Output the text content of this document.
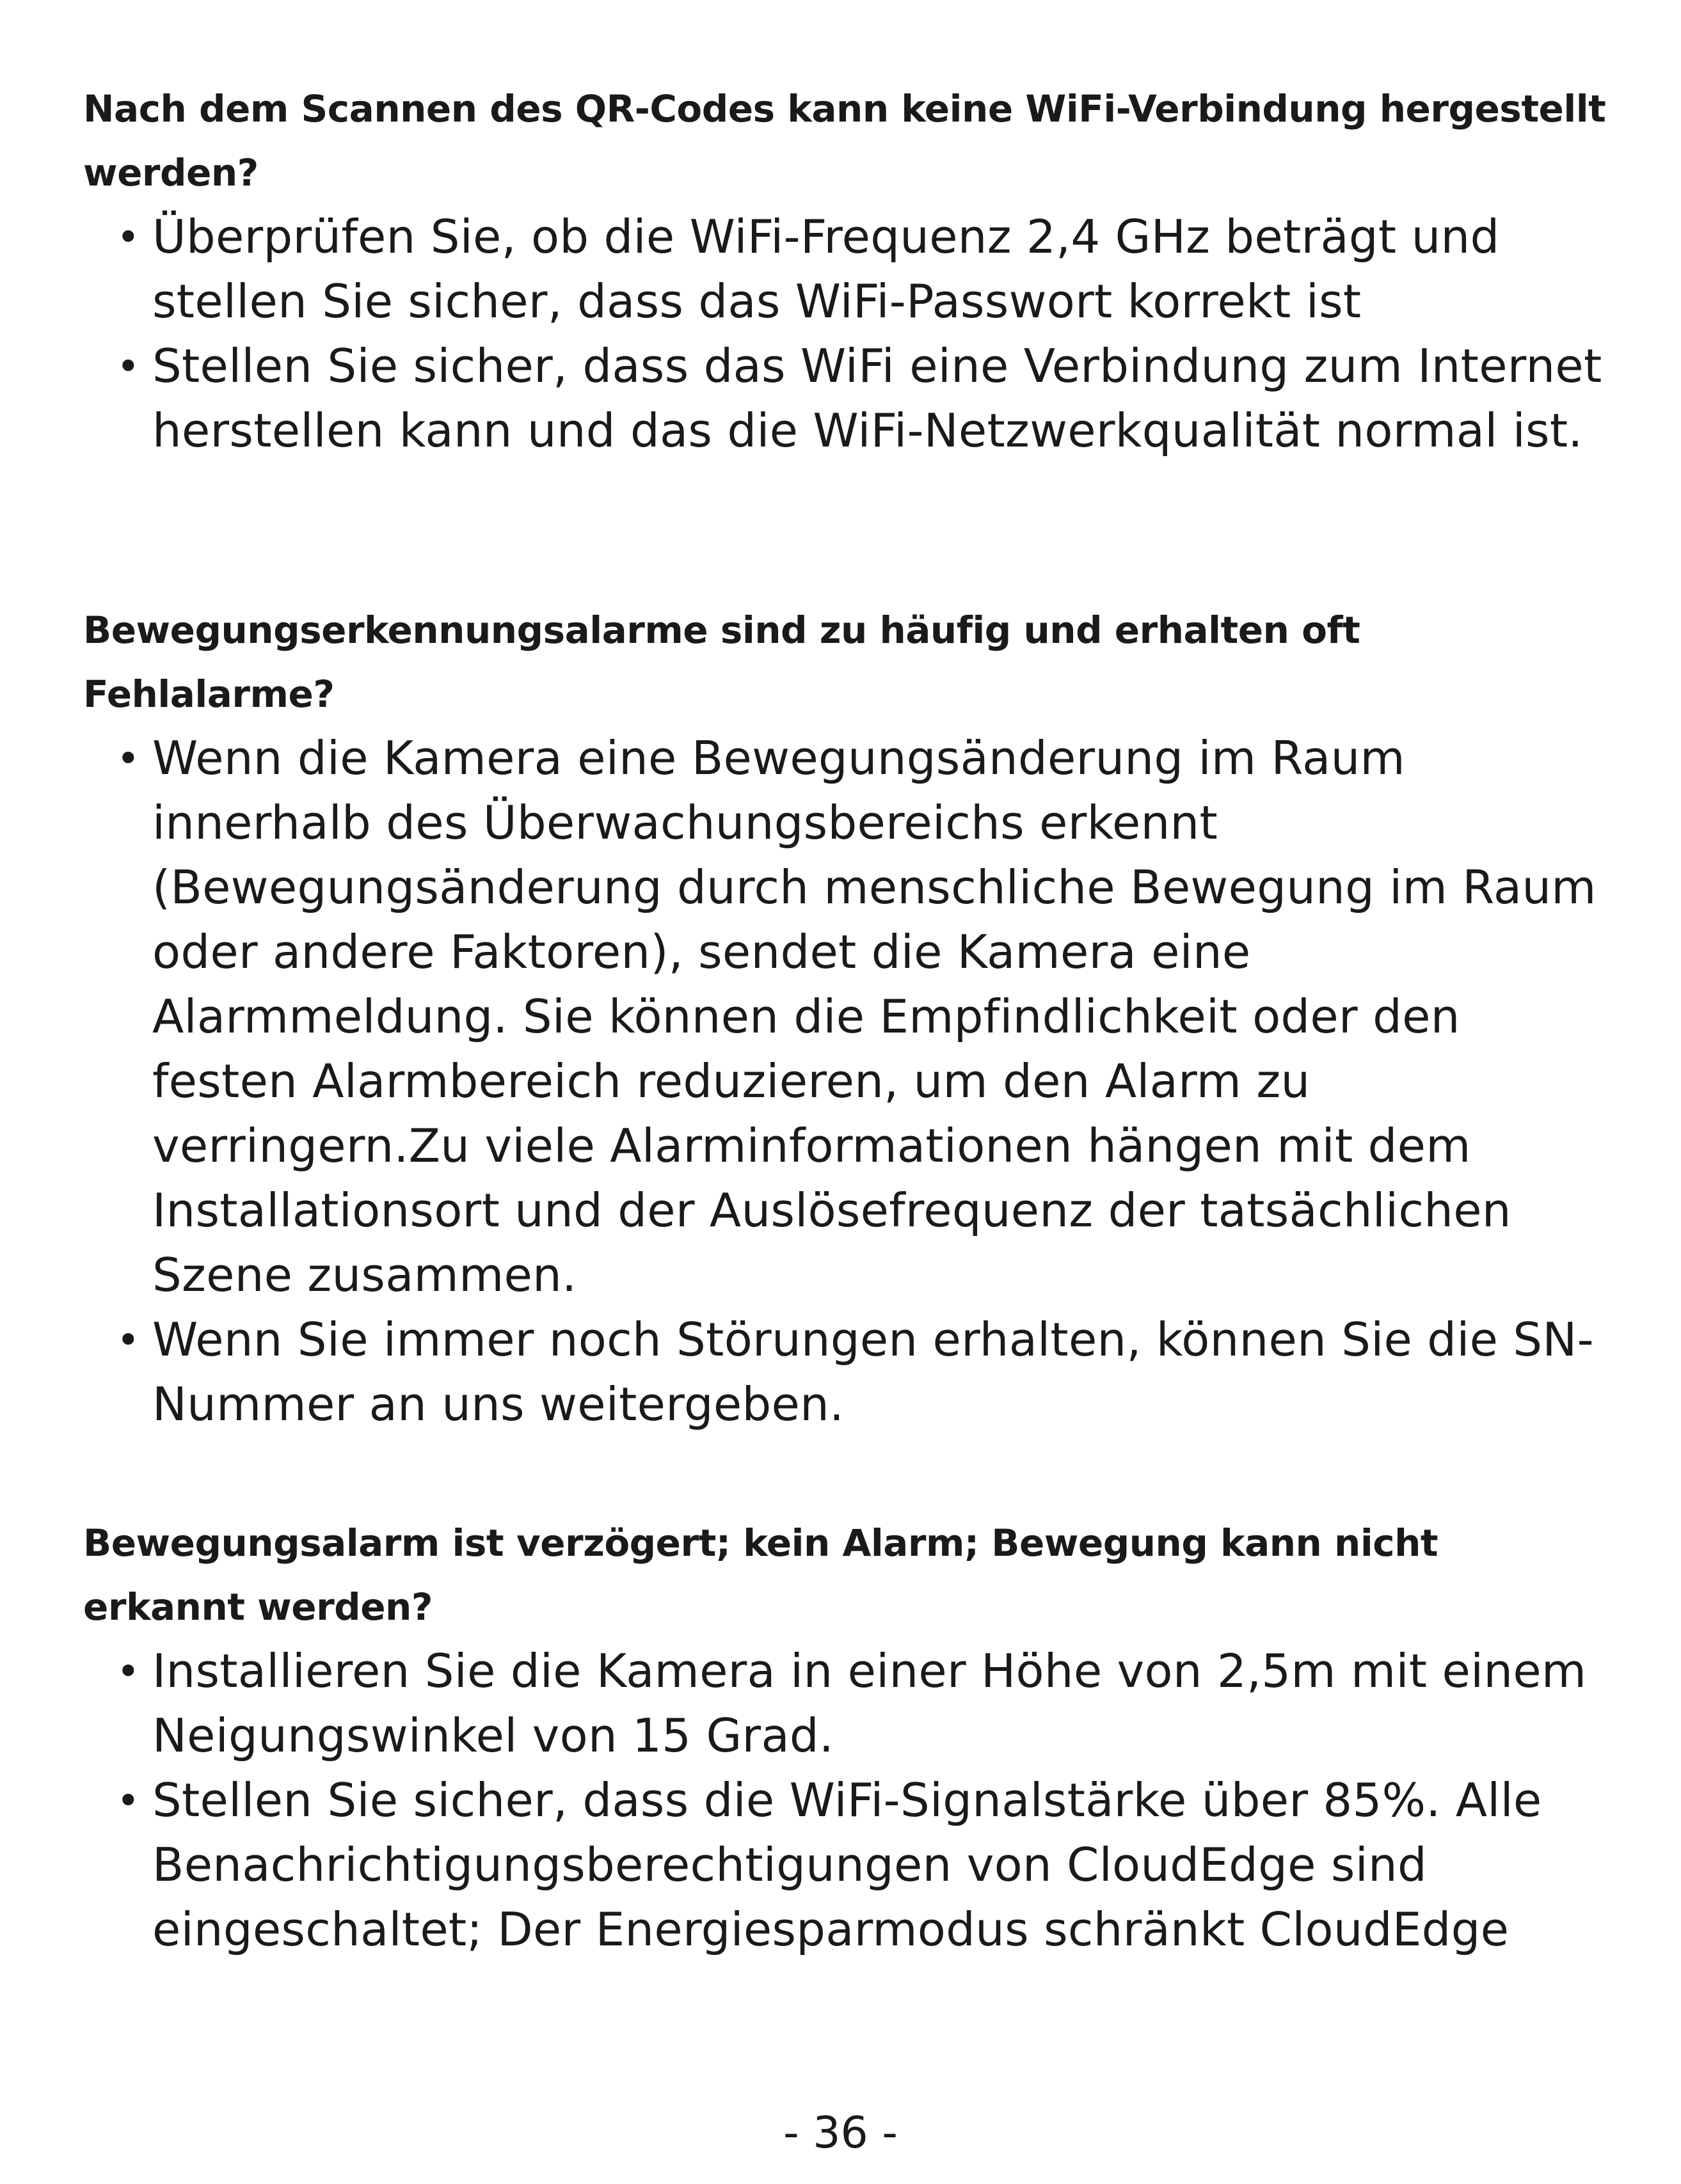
Nach dem Scannen des QR-Codes kann keine WiFi-Verbindung hergestellt werden?
• Überprüfen Sie, ob die WiFi-Frequenz 2,4 GHz beträgt und stellen Sie sicher, dass das WiFi-Passwort korrekt ist
• Stellen Sie sicher, dass das WiFi eine Verbindung zum Internet herstellen kann und das die WiFi-Netzwerkqualität normal ist.
Bewegungserkennungsalarme sind zu häufig und erhalten oft Fehlalarme?
• Wenn die Kamera eine Bewegungsänderung im Raum innerhalb des Überwachungsbereichs erkennt (Bewegungsänderung durch menschliche Bewegung im Raum oder andere Faktoren), sendet die Kamera eine Alarmmeldung. Sie können die Empfindlichkeit oder den festen Alarmbereich reduzieren, um den Alarm zu verringern.Zu viele Alarminformationen hängen mit dem Installationsort und der Auslösefrequenz der tatsächlichen Szene zusammen.
• Wenn Sie immer noch Störungen erhalten, können Sie die SN-Nummer an uns weitergeben.
Bewegungsalarm ist verzögert; kein Alarm; Bewegung kann nicht erkannt werden?
• Installieren Sie die Kamera in einer Höhe von 2,5m mit einem Neigungswinkel von 15 Grad.
• Stellen Sie sicher, dass die WiFi-Signalstärke über 85%. Alle Benachrichtigungsberechtigungen von CloudEdge sind eingeschaltet; Der Energiesparmodus schränkt CloudEdge
- 36 -
